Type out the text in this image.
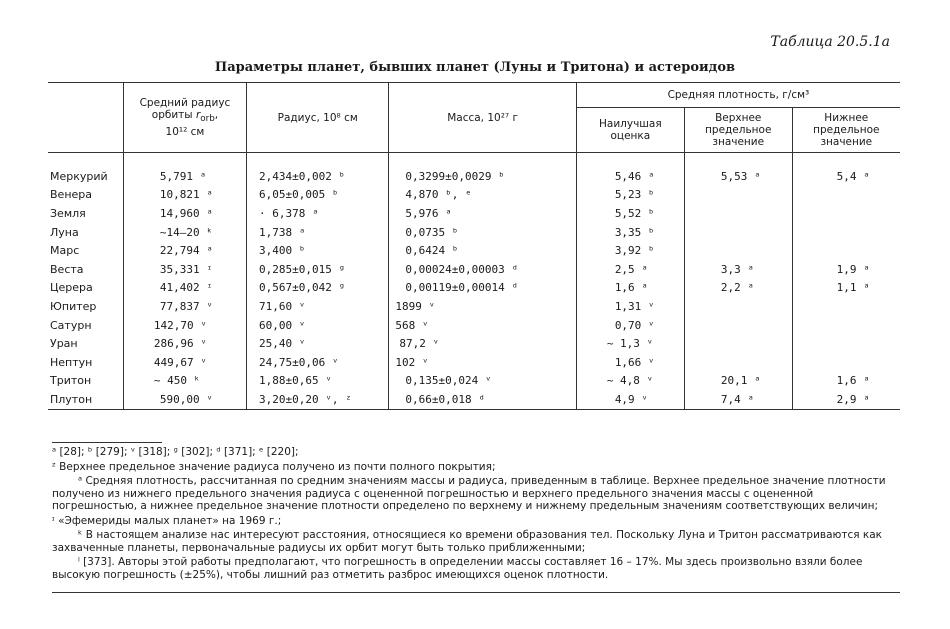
Таблица 20.5.1а
Параметры планет, бывших планет (Луны и Тритона) и астероидов
	Средний радиус орбиты $r_{orb}$,
10¹² см	Радиус, 10⁸ см	Масса, 10²⁷ г	Средняя плотность, г/см³		
				Наилучшая оценка	Верхнее предельное значение	Нижнее предельное значение

Меркурий	5,791 ᵃ	2,434±0,002 ᵇ	0,3299±0,0029 ᵇ	5,46 ᵃ	5,53 ᵃ	5,4 ᵃ
Венера	10,821 ᵃ	6,05±0,005 ᵇ	4,870 ᵇ, ᵉ	5,23 ᵇ		
Земля	14,960 ᵃ	· 6,378 ᵃ	5,976 ᵃ	5,52 ᵇ		
Луна	~14–20 ᵏ	1,738 ᵃ	0,0735 ᵇ	3,35 ᵇ		
Марс	22,794 ᵃ	3,400 ᵇ	0,6424 ᵇ	3,92 ᵇ		
Веста	35,331 ᶦ	0,285±0,015 ᵍ	0,00024±0,00003 ᵈ	2,5 ᵃ	3,3 ᵃ	1,9 ᵃ
Церера	41,402 ᶦ	0,567±0,042 ᵍ	0,00119±0,00014 ᵈ	1,6 ᵃ	2,2 ᵃ	1,1 ᵃ
Юпитер	77,837 ᵛ	71,60 ᵛ	1899 ᵛ	1,31 ᵛ		
Сатурн	142,70 ᵛ	60,00 ᵛ	568 ᵛ	0,70 ᵛ		
Уран	286,96 ᵛ	25,40 ᵛ	87,2 ᵛ	~ 1,3 ᵛ		
Нептун	449,67 ᵛ	24,75±0,06 ᵛ	102 ᵛ	1,66 ᵛ		
Тритон	~ 450 ᵏ	1,88±0,65 ᵛ	0,135±0,024 ᵛ	~ 4,8 ᵛ	20,1 ᵃ	1,6 ᵃ
Плутон	590,00 ᵛ	3,20±0,20 ᵛ, ᶻ	0,66±0,018 ᵈ	4,9 ᵛ	7,4 ᵃ	2,9 ᵃ

ᵃ [28]; ᵇ [279]; ᵛ [318]; ᵍ [302]; ᵈ [371]; ᵉ [220];

ᶻ Верхнее предельное значение радиуса получено из почти полного покрытия;

ᵃ Средняя плотность, рассчитанная по средним значениям массы и радиуса, приведенным в таблице. Верхнее предельное значение плотности получено из нижнего предельного значения радиуса с оцененной погрешностью и верхнего предельного значения массы с оцененной погрешностью, а нижнее предельное значение плотности определено по верхнему и нижнему предельным значениям соответствующих величин;

ᶦ «Эфемериды малых планет» на 1969 г.;

ᵏ В настоящем анализе нас интересуют расстояния, относящиеся ко времени образования тел. Поскольку Луна и Тритон рассматриваются как захваченные планеты, первоначальные радиусы их орбит могут быть только приближенными;

ˡ [373]. Авторы этой работы предполагают, что погрешность в определении массы составляет 16 – 17%. Мы здесь произвольно взяли более высокую погрешность (±25%), чтобы лишний раз отметить разброс имеющихся оценок плотности.
